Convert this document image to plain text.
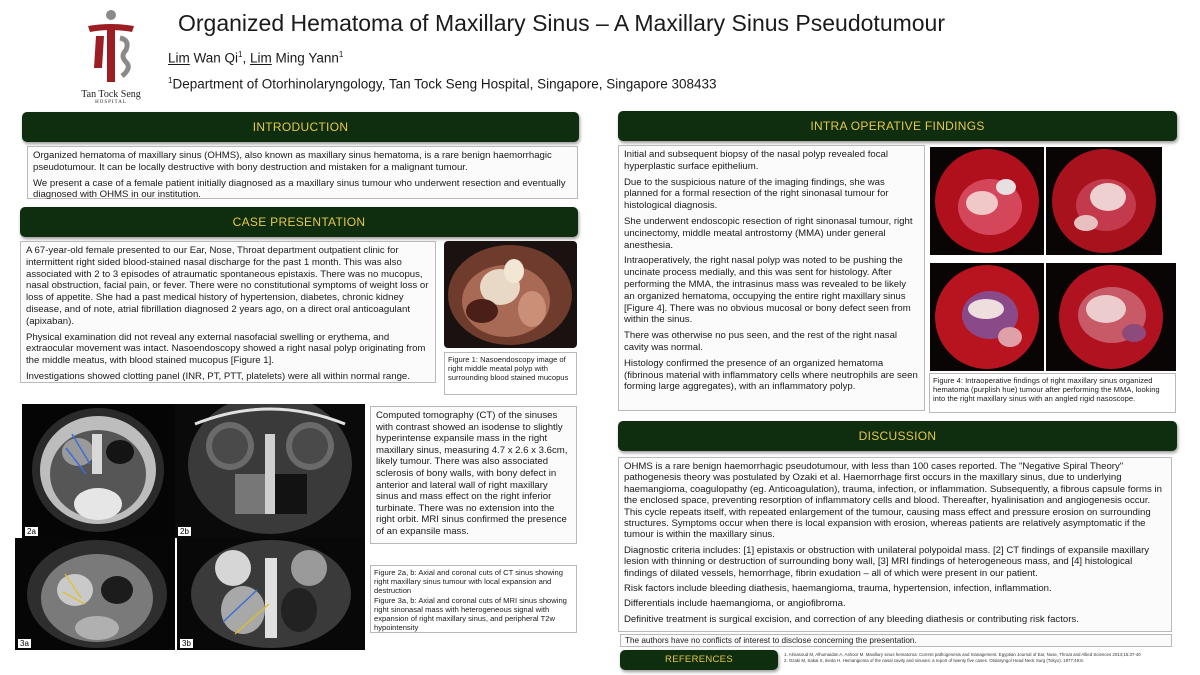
Tan Tock Seng
HOSPITAL
Organized Hematoma of Maxillary Sinus – A Maxillary Sinus Pseudotumour
Lim Wan Qi$^1$, Lim Ming Yann$^1$
$^1$Department of Otorhinolaryngology, Tan Tock Seng Hospital, Singapore, Singapore 308433
INTRODUCTION

Organized hematoma of maxillary sinus (OHMS), also known as maxillary sinus hematoma, is a rare benign haemorrhagic pseudotumour. It can be locally destructive with bony destruction and mistaken for a malignant tumour.

We present a case of a female patient initially diagnosed as a maxillary sinus tumour who underwent resection and eventually diagnosed with OHMS in our institution.

CASE PRESENTATION

A 67-year-old female presented to our Ear, Nose, Throat department outpatient clinic for intermittent right sided blood-stained nasal discharge for the past 1 month. This was also associated with 2 to 3 episodes of atraumatic spontaneous epistaxis. There was no mucopus, nasal obstruction, facial pain, or fever. There were no constitutional symptoms of weight loss or loss of appetite. She had a past medical history of hypertension, diabetes, chronic kidney disease, and of note, atrial fibrillation diagnosed 2 years ago, on a direct oral anticoagulant (apixaban).

Physical examination did not reveal any external nasofacial swelling or erythema, and extraocular movement was intact. Nasoendoscopy showed a right nasal polyp originating from the middle meatus, with blood stained mucopus [Figure 1].

Investigations showed clotting panel (INR, PT, PTT, platelets) were all within normal range.

Figure 1: Nasoendoscopy image of right middle meatal polyp with surrounding blood stained mucopus

2a	2b

Computed tomography (CT) of the sinuses with contrast showed an isodense to slightly hyperintense expansile mass in the right maxillary sinus, measuring 4.7 x 2.6 x 3.6cm, likely tumour. There was also associated sclerosis of bony walls, with bony defect in anterior and lateral wall of right maxillary sinus and mass effect on the right inferior turbinate. There was no extension into the right orbit. MRI sinus confirmed the presence of an expansile mass.

3a	3b

Figure 2a, b: Axial and coronal cuts of CT sinus showing right maxillary sinus tumour with local expansion and destruction

Figure 3a, b: Axial and coronal cuts of MRI sinus showing right sinonasal mass with heterogeneous signal with expansion of right maxillary sinus, and peripheral T2w hypointensity

INTRA OPERATIVE FINDINGS

Initial and subsequent biopsy of the nasal polyp revealed focal hyperplastic surface epithelium.

Due to the suspicious nature of the imaging findings, she was planned for a formal resection of the right sinonasal tumour for histological diagnosis.

She underwent endoscopic resection of right sinonasal tumour, right uncinectomy, middle meatal antrostomy (MMA) under general anesthesia.

Intraoperatively, the right nasal polyp was noted to be pushing the uncinate process medially, and this was sent for histology. After performing the MMA, the intrasinus mass was revealed to be likely an organized hematoma, occupying the entire right maxillary sinus [Figure 4]. There was no obvious mucosal or bony defect seen from within the sinus.

There was otherwise no pus seen, and the rest of the right nasal cavity was normal.

Histology confirmed the presence of an organized hematoma (fibrinous material with inflammatory cells where neutrophils are seen forming large aggregates), with an inflammatory polyp.

Figure 4: Intraoperative findings of right maxillary sinus organized hematoma (purplish hue) tumour after performing the MMA, looking into the right maxillary sinus with an angled rigid nasoscope.

DISCUSSION

OHMS is a rare benign haemorrhagic pseudotumour, with less than 100 cases reported. The "Negative Spiral Theory" pathogenesis theory was postulated by Ozaki et al. Haemorrhage first occurs in the maxillary sinus, due to underlying haemangioma, coagulopathy (eg. Anticoagulation), trauma, infection, or inflammation. Subsequently, a fibrous capsule forms in the enclosed space, preventing resorption of inflammatory cells and blood. Thereafter, hyalinisation and angiogenesis occur. This cycle repeats itself, with repeated enlargement of the tumour, causing mass effect and pressure erosion on surrounding structures. Symptoms occur when there is local expansion with erosion, whereas patients are relatively asymptomatic if the tumour is within the maxillary sinus.

Diagnostic criteria includes: [1] epistaxis or obstruction with unilateral polypoidal mass. [2] CT findings of expansile maxillary lesion with thinning or destruction of surrounding bony wall, [3] MRI findings of heterogeneous mass, and [4] histological findings of dilated vessels, hemorrhage, fibrin exudation – all of which were present in our patient.

Risk factors include bleeding diathesis, haemangioma, trauma, hypertension, infection, inflammation.

Differentials include haemangioma, or angiofibroma.

Definitive treatment is surgical excision, and correction of any bleeding diathesis or contributing risk factors.

The authors have no conflicts of interest to disclose concerning the presentation.
REFERENCES	1. Almasoud M, Alhumaidan A, Ashoor M. Maxillary sinus hematoma: Current pathogenesis and management. Egyptian Journal of Ear, Nose, Throat and Allied Sciences 2014;15:37-40
2. Ozaki M, Sakai S, Ikeda H. Hemangioma of the nasal cavity and sinuses: a report of twenty five cases. Otolaryngol Head Neck Surg (Tokyo). 1977;49:8.
